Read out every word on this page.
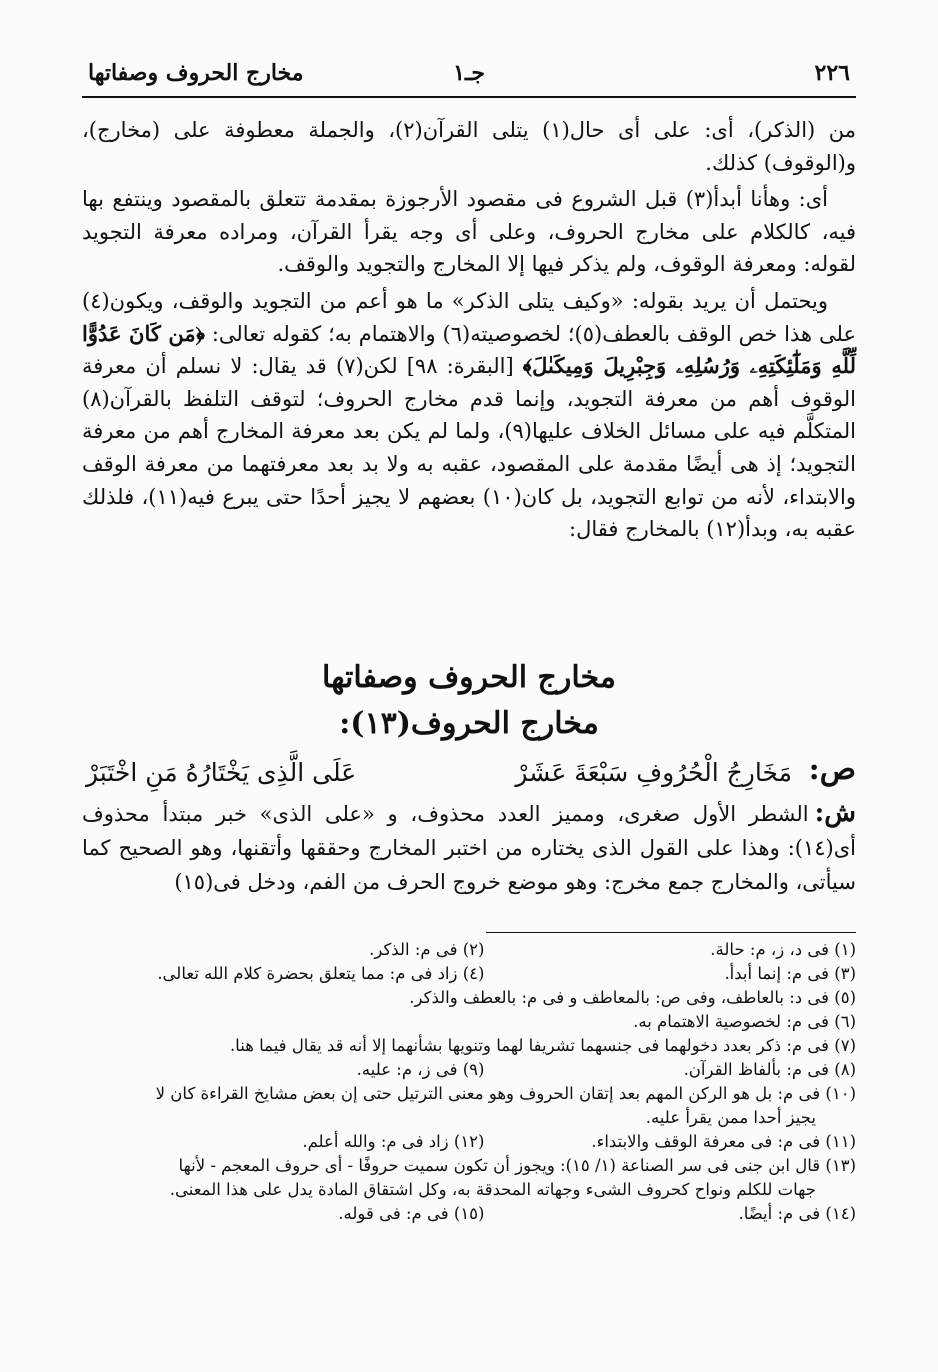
٢٢٦
جـ١
مخارج الحروف وصفاتها

من (الذكر)، أى: على أى حال(١) يتلى القرآن(٢)، والجملة معطوفة على (مخارج)، و(الوقوف) كذلك.

أى: وهأنا أبدأ(٣) قبل الشروع فى مقصود الأرجوزة بمقدمة تتعلق بالمقصود وينتفع بها فيه، كالكلام على مخارج الحروف، وعلى أى وجه يقرأ القرآن، ومراده معرفة التجويد لقوله: ومعرفة الوقوف، ولم يذكر فيها إلا المخارج والتجويد والوقف.

ويحتمل أن يريد بقوله: «وكيف يتلى الذكر» ما هو أعم من التجويد والوقف، ويكون(٤) على هذا خص الوقف بالعطف(٥)؛ لخصوصيته(٦) والاهتمام به؛ كقوله تعالى: ﴿مَن كَانَ عَدُوًّا لِّلَّهِ وَمَلَٰٓئِكَتِهِۦ وَرُسُلِهِۦ وَجِبْرِيلَ وَمِيكَىٰلَ﴾ [البقرة: ٩٨] لكن(٧) قد يقال: لا نسلم أن معرفة الوقوف أهم من معرفة التجويد، وإنما قدم مخارج الحروف؛ لتوقف التلفظ بالقرآن(٨) المتكلَّم فيه على مسائل الخلاف عليها(٩)، ولما لم يكن بعد معرفة المخارج أهم من معرفة التجويد؛ إذ هى أيضًا مقدمة على المقصود، عقبه به ولا بد بعد معرفتهما من معرفة الوقف والابتداء، لأنه من توابع التجويد، بل كان(١٠) بعضهم لا يجيز أحدًا حتى يبرع فيه(١١)، فلذلك عقبه به، وبدأ(١٢) بالمخارج فقال:

مخارج الحروف وصفاتها
مخارج الحروف(١٣):
ص:
مَخَارِجُ الْحُرُوفِ سَبْعَةَ عَشَرْ
عَلَى الَّذِى يَخْتَارُهُ مَنِ اخْتَبَرْ

ش:الشطر الأول صغرى، ومميز العدد محذوف، و «على الذى» خبر مبتدأ محذوف أى(١٤): وهذا على القول الذى يختاره من اختبر المخارج وحققها وأتقنها، وهو الصحيح كما سيأتى، والمخارج جمع مخرج: وهو موضع خروج الحرف من الفم، ودخل فى(١٥)

(١) فى د، ز، م: حالة.
(٢) فى م: الذكر.
(٣) فى م: إنما أبدأ.
(٤) زاد فى م: مما يتعلق بحضرة كلام الله تعالى.
(٥) فى د: بالعاطف، وفى ص: بالمعاطف و فى م: بالعطف والذكر.
(٦) فى م: لخصوصية الاهتمام به.
(٧) فى م: ذكر بعدد دخولهما فى جنسهما تشريفا لهما وتنويها بشأنهما إلا أنه قد يقال فيما هنا.
(٨) فى م: بألفاظ القرآن.
(٩) فى ز، م: عليه.
(١٠) فى م: بل هو الركن المهم بعد إتقان الحروف وهو معنى الترتيل حتى إن بعض مشايخ القراءة كان لا
يجيز أحدا ممن يقرأ عليه.
(١١) فى م: فى معرفة الوقف والابتداء.
(١٢) زاد فى م: والله أعلم.
(١٣) قال ابن جنى فى سر الصناعة (١/ ١٥): ويجوز أن تكون سميت حروفًا - أى حروف المعجم - لأنها
جهات للكلم ونواح كحروف الشىء وجهاته المحدقة به، وكل اشتقاق المادة يدل على هذا المعنى.
(١٤) فى م: أيضًا.
(١٥) فى م: فى قوله.
